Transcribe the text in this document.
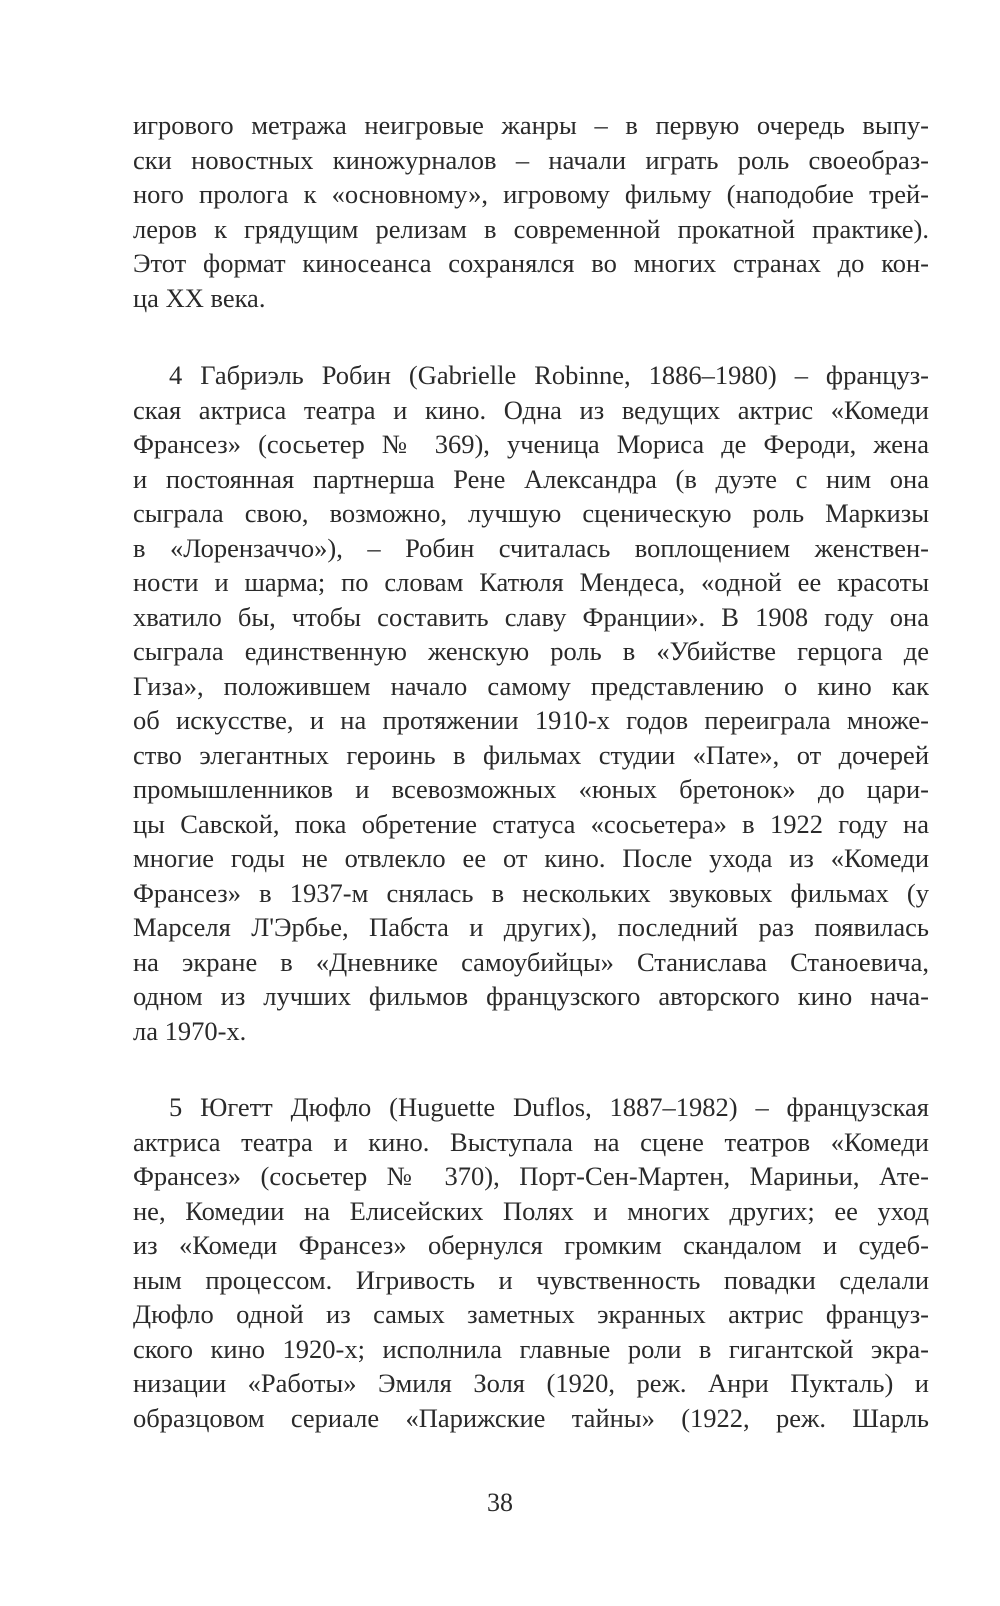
игрового метража неигровые жанры – в первую очередь выпу-
ски новостных киножурналов – начали играть роль своеобраз-
ного пролога к «основному», игровому фильму (наподобие трей-
леров к грядущим релизам в современной прокатной практике).
Этот формат киносеанса сохранялся во многих странах до кон-
ца XX века.
4 Габриэль Робин (Gabrielle Robinne, 1886–1980) – француз-
ская актриса театра и кино. Одна из ведущих актрис «Комеди
Франсез» (сосьетер № 369), ученица Мориса де Фероди, жена
и постоянная партнерша Рене Александра (в дуэте с ним она
сыграла свою, возможно, лучшую сценическую роль Маркизы
в «Лорензаччо»), – Робин считалась воплощением женствен-
ности и шарма; по словам Катюля Мендеса, «одной ее красоты
хватило бы, чтобы составить славу Франции». В 1908 году она
сыграла единственную женскую роль в «Убийстве герцога де
Гиза», положившем начало самому представлению о кино как
об искусстве, и на протяжении 1910-х годов переиграла множе-
ство элегантных героинь в фильмах студии «Пате», от дочерей
промышленников и всевозможных «юных бретонок» до цари-
цы Савской, пока обретение статуса «сосьетера» в 1922 году на
многие годы не отвлекло ее от кино. После ухода из «Комеди
Франсез» в 1937-м снялась в нескольких звуковых фильмах (у
Марселя Л'Эрбье, Пабста и других), последний раз появилась
на экране в «Дневнике самоубийцы» Станислава Станоевича,
одном из лучших фильмов французского авторского кино нача-
ла 1970-х.
5 Югетт Дюфло (Huguette Duflos, 1887–1982) – французская
актриса театра и кино. Выступала на сцене театров «Комеди
Франсез» (сосьетер № 370), Порт-Сен-Мартен, Мариньи, Ате-
не, Комедии на Елисейских Полях и многих других; ее уход
из «Комеди Франсез» обернулся громким скандалом и судеб-
ным процессом. Игривость и чувственность повадки сделали
Дюфло одной из самых заметных экранных актрис француз-
ского кино 1920-х; исполнила главные роли в гигантской экра-
низации «Работы» Эмиля Золя (1920, реж. Анри Пукталь) и
образцовом сериале «Парижские тайны» (1922, реж. Шарль
38
